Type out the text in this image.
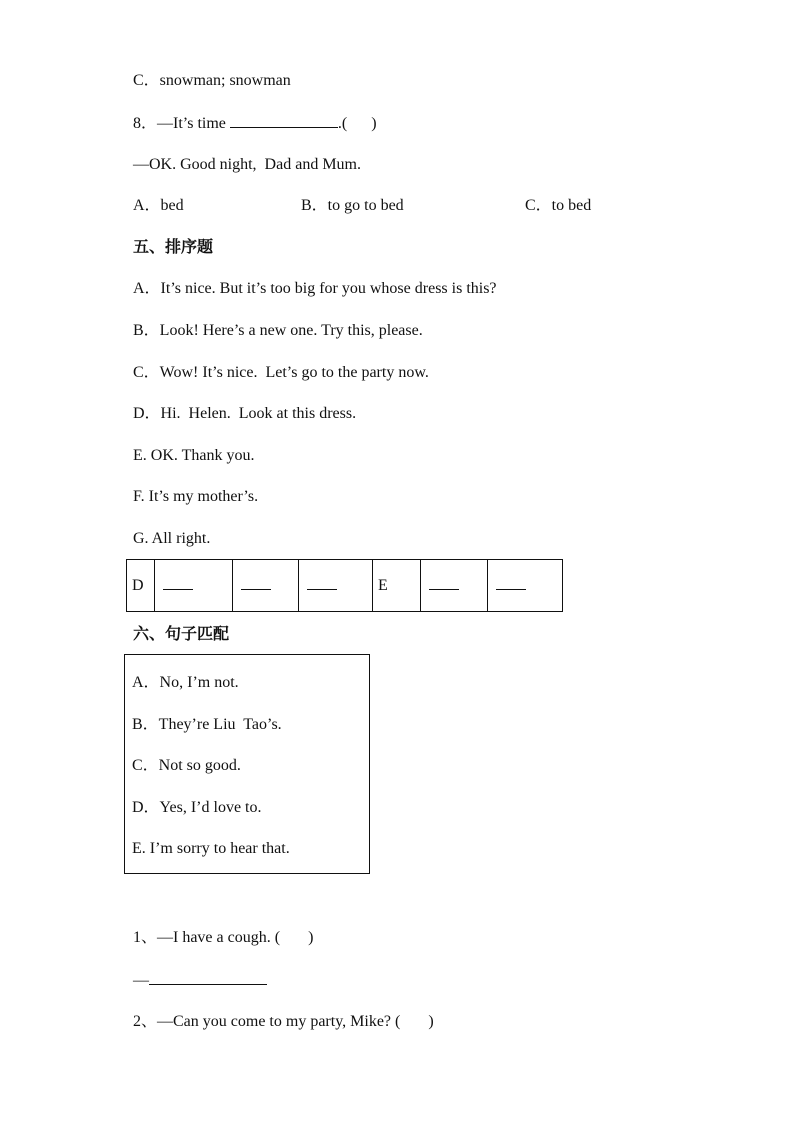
C．snowman; snowman
8．—It’s time	.(      )
—OK. Good night,  Dad and Mum.
A．bed	B．to go to bed	C．to bed
五、排序题
A．It’s nice. But it’s too big for you whose dress is this?
B．Look! Here’s a new one. Try this, please.
C．Wow! It’s nice.  Let’s go to the party now.
D．Hi.  Helen.  Look at this dress.
E. OK. Thank you.
F. It’s my mother’s.
G. All right.
D				E		
六、句子匹配
A．No, I’m not.
B．They’re Liu  Tao’s.
C．Not so good.
D．Yes, I’d love to.
E. I’m sorry to hear that.
1、—I have a cough. (       )
—
2、—Can you come to my party, Mike? (       )
